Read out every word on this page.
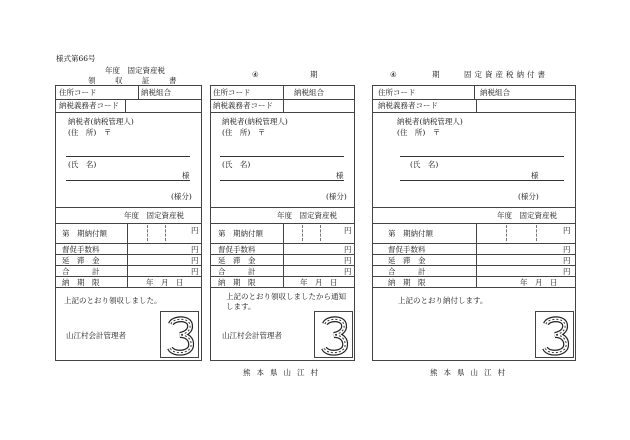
様式第66号
年度　固定資産税
領　収　証　書
住所コード	納税組合
納税義務者コード
納税者(納税管理人)
(住　所)　〒
(氏　名)
様
(様分)
年度　固定資産税
第　期納付額	円
督促手数料	円
延　滞　金	円
合　　　計	円
納　期　限	年　月　日
上記のとおり領収しました。
山江村会計管理者
④	期
住所コード	納税組合
納税義務者コード
納税者(納税管理人)
(住　所)　〒
(氏　名)
様
(様分)
年度　固定資産税
第　期納付額	円
督促手数料	円
延　滞　金	円
合　　　計	円
納　期　限	年　月　日
上記のとおり領収しましたから通知します。
山江村会計管理者
熊本県山江村
④	期	固定資産税納付書
住所コード	納税組合
納税義務者コード
納税者(納税管理人)
(住　所)　〒
(氏　名)
様
(様分)
年度　固定資産税
第　期納付額	円
督促手数料	円
延　滞　金	円
合　　　計	円
納　期　限	年　月　日
上記のとおり納付します。
熊本県山江村
